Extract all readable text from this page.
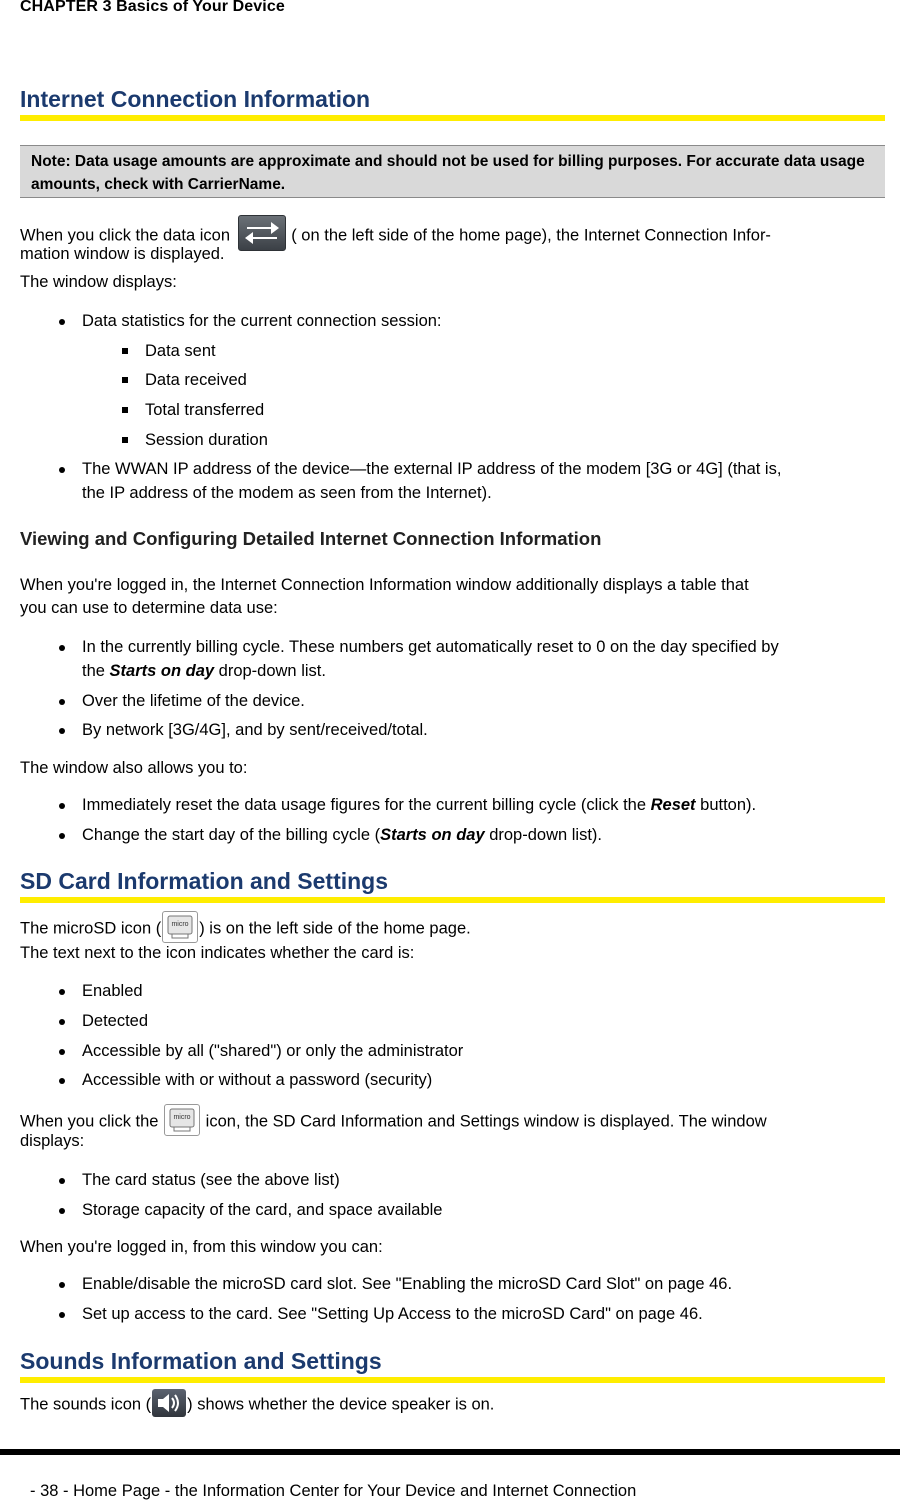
CHAPTER 3 Basics of Your Device
Internet Connection Information
Note: Data usage amounts are approximate and should not be used for billing purposes. For accurate data usage amounts, check with CarrierName.
When you click the data icon	( on the left side of the home page), the Internet Connection Infor-
mation window is displayed.
The window displays:
Data statistics for the current connection session:
Data sent
Data received
Total transferred
Session duration
The WWAN IP address of the device—the external IP address of the modem [3G or 4G] (that is,
the IP address of the modem as seen from the Internet).
Viewing and Configuring Detailed Internet Connection Information
When you're logged in, the Internet Connection Information window additionally displays a table that
you can use to determine data use:
In the currently billing cycle. These numbers get automatically reset to 0 on the day specified by
the Starts on day drop-down list.
Over the lifetime of the device.
By network [3G/4G], and by sent/received/total.
The window also allows you to:
Immediately reset the data usage figures for the current billing cycle (click the Reset button).
Change the start day of the billing cycle (Starts on day drop-down list).
SD Card Information and Settings
The microSD icon ( micro ) is on the left side of the home page.
The text next to the icon indicates whether the card is:
Enabled
Detected
Accessible by all ("shared") or only the administrator
Accessible with or without a password (security)
When you click the micro icon, the SD Card Information and Settings window is displayed. The window
displays:
The card status (see the above list)
Storage capacity of the card, and space available
When you're logged in, from this window you can:
Enable/disable the microSD card slot. See "Enabling the microSD Card Slot" on page 46.
Set up access to the card. See "Setting Up Access to the microSD Card" on page 46.
Sounds Information and Settings
The sounds icon ( ) shows whether the device speaker is on.
- 38 - Home Page - the Information Center for Your Device and Internet Connection
